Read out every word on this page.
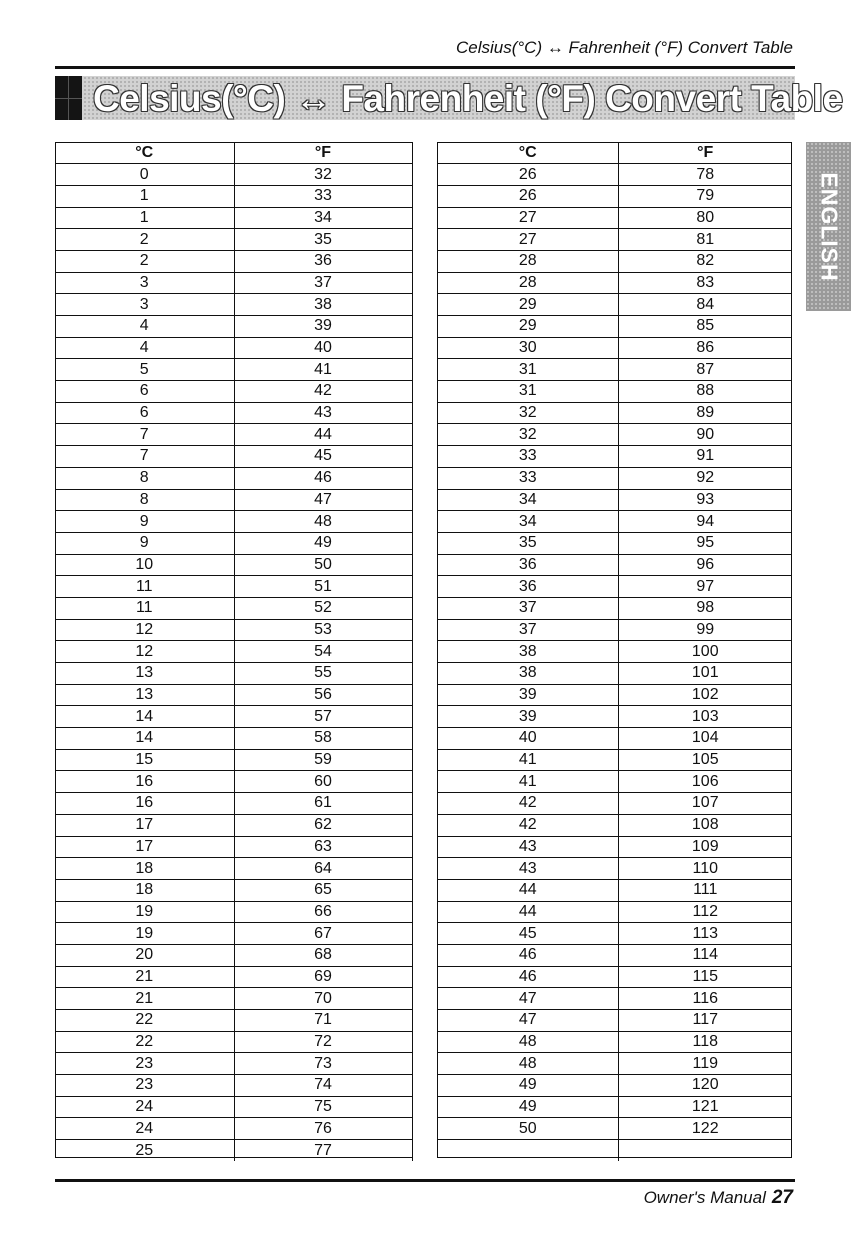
Celsius(°C) ↔ Fahrenheit (°F) Convert Table
Celsius(°C) ↔ Fahrenheit (°F) Convert Table
ENGLISH
°C	°F
0	32
1	33
1	34
2	35
2	36
3	37
3	38
4	39
4	40
5	41
6	42
6	43
7	44
7	45
8	46
8	47
9	48
9	49
10	50
11	51
11	52
12	53
12	54
13	55
13	56
14	57
14	58
15	59
16	60
16	61
17	62
17	63
18	64
18	65
19	66
19	67
20	68
21	69
21	70
22	71
22	72
23	73
23	74
24	75
24	76
25	77
°C	°F
26	78
26	79
27	80
27	81
28	82
28	83
29	84
29	85
30	86
31	87
31	88
32	89
32	90
33	91
33	92
34	93
34	94
35	95
36	96
36	97
37	98
37	99
38	100
38	101
39	102
39	103
40	104
41	105
41	106
42	107
42	108
43	109
43	110
44	111
44	112
45	113
46	114
46	115
47	116
47	117
48	118
48	119
49	120
49	121
50	122

Owner's Manual 27
